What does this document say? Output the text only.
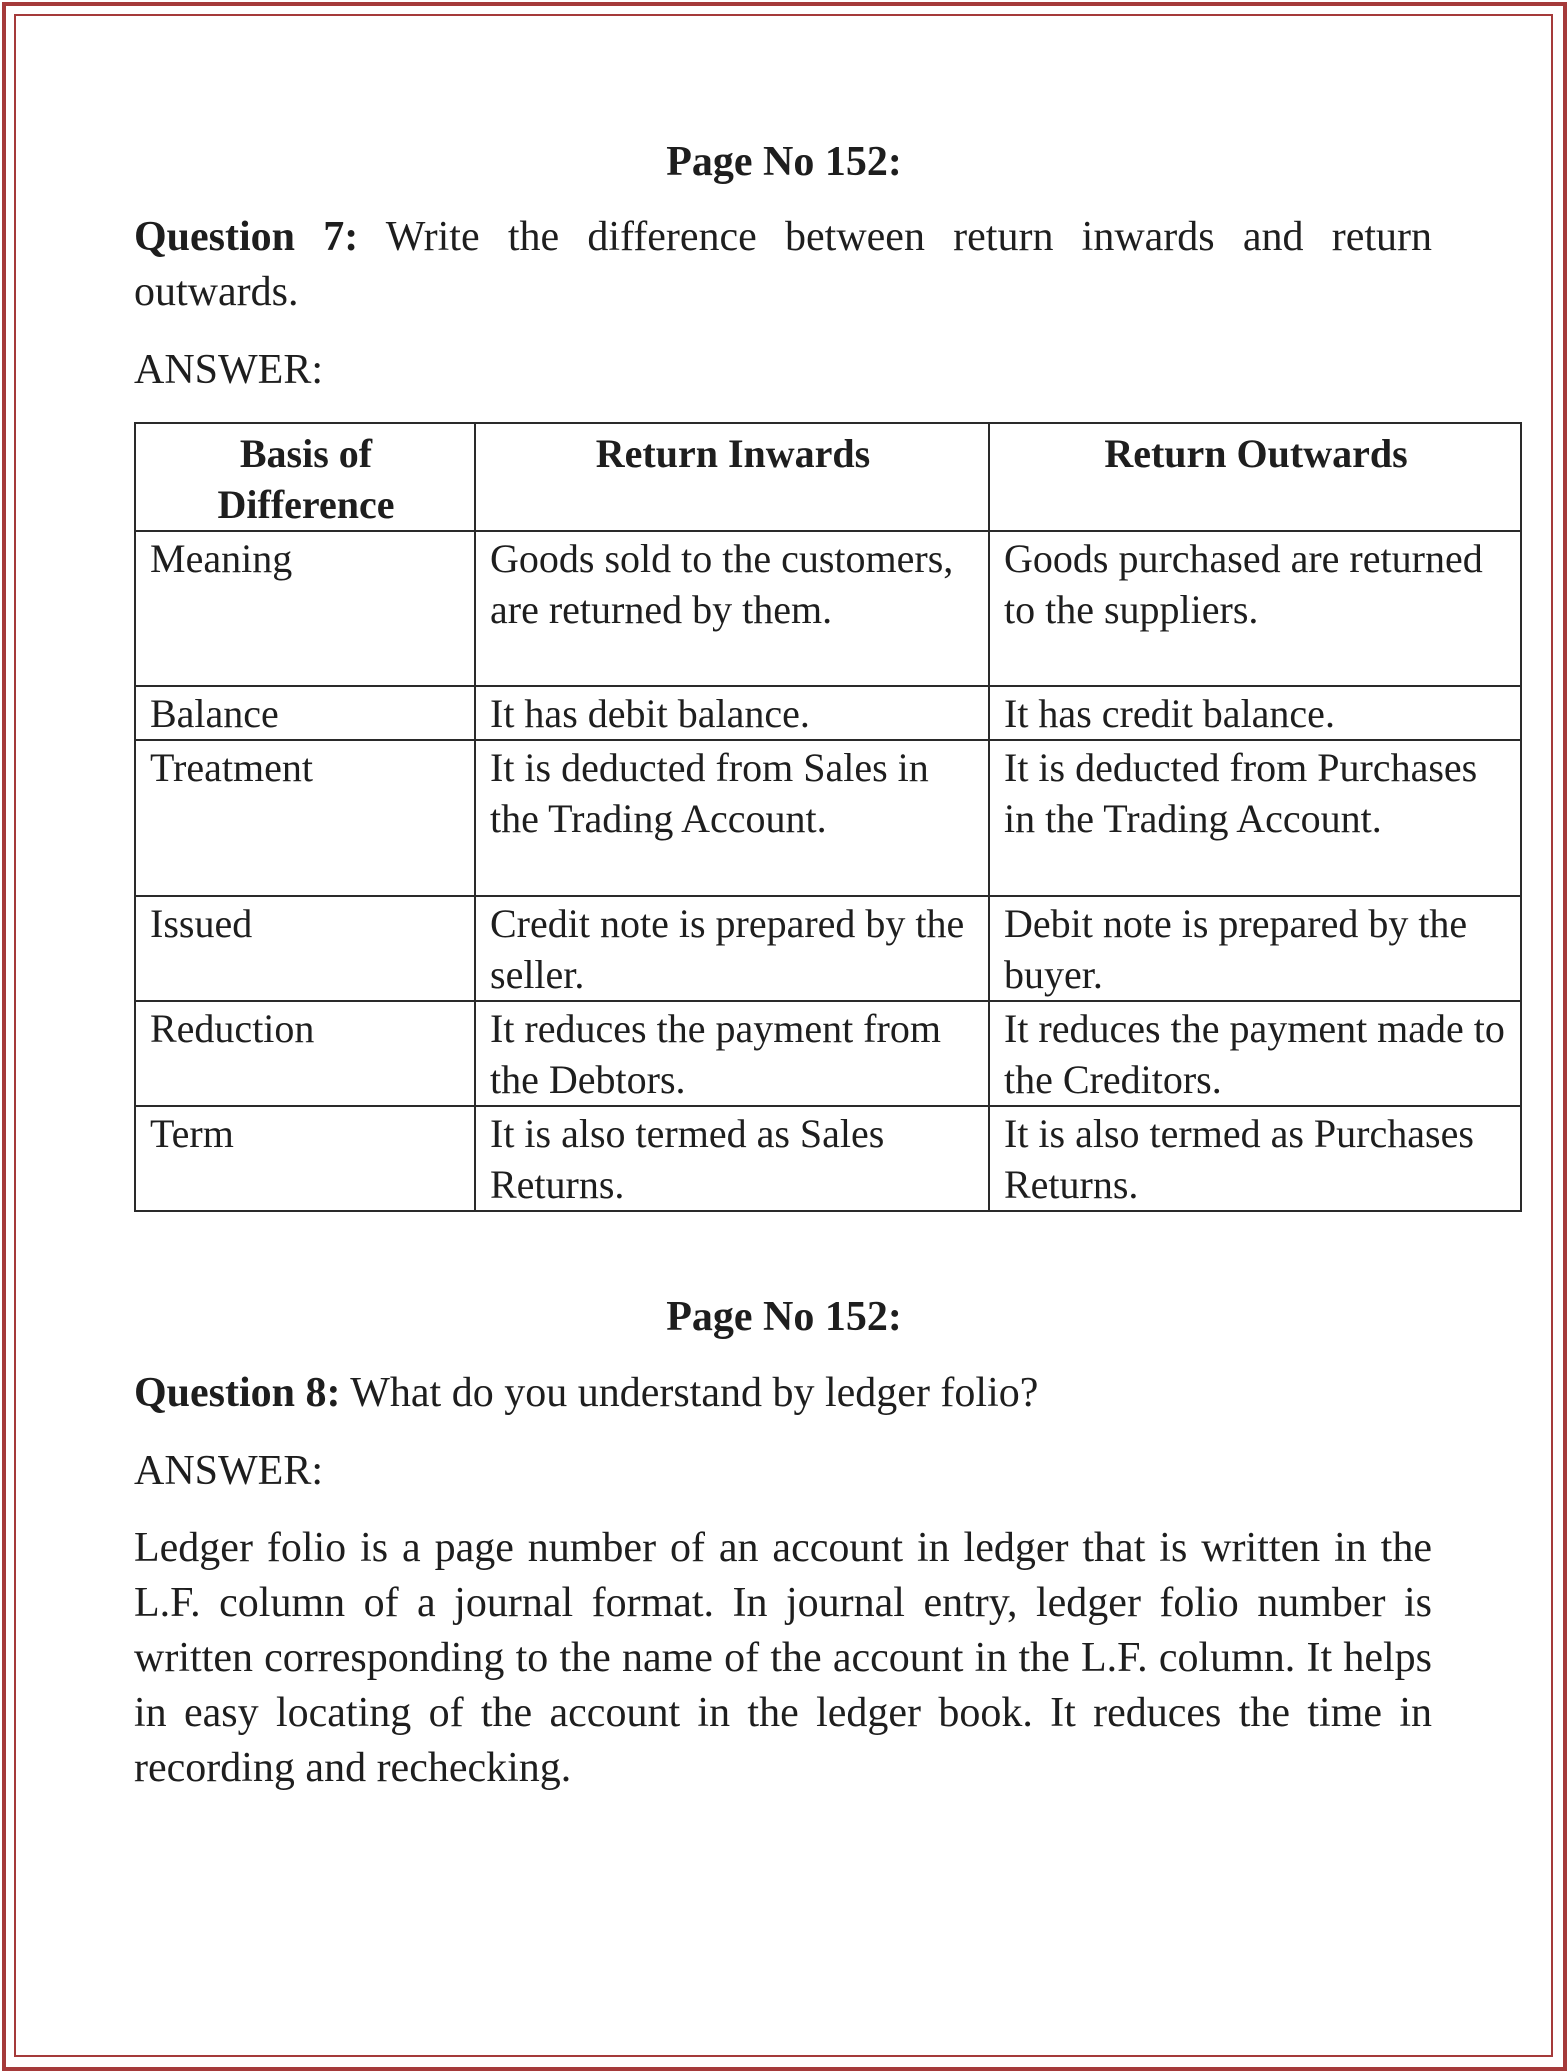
Page No 152:
Question 7: Write the difference between return inwards and return outwards.
ANSWER:
Basis of Difference	Return Inwards	Return Outwards
Meaning	Goods sold to the customers, are returned by them.	Goods purchased are returned to the suppliers.
Balance	It has debit balance.	It has credit balance.
Treatment	It is deducted from Sales in the Trading Account.	It is deducted from Purchases in the Trading Account.
Issued	Credit note is prepared by the seller.	Debit note is prepared by the buyer.
Reduction	It reduces the payment from the Debtors.	It reduces the payment made to the Creditors.
Term	It is also termed as Sales Returns.	It is also termed as Purchases Returns.
Page No 152:
Question 8: What do you understand by ledger folio?
ANSWER:
Ledger folio is a page number of an account in ledger that is written in the L.F. column of a journal format. In journal entry, ledger folio number is written corresponding to the name of the account in the L.F. column. It helps in easy locating of the account in the ledger book. It reduces the time in recording and rechecking.
